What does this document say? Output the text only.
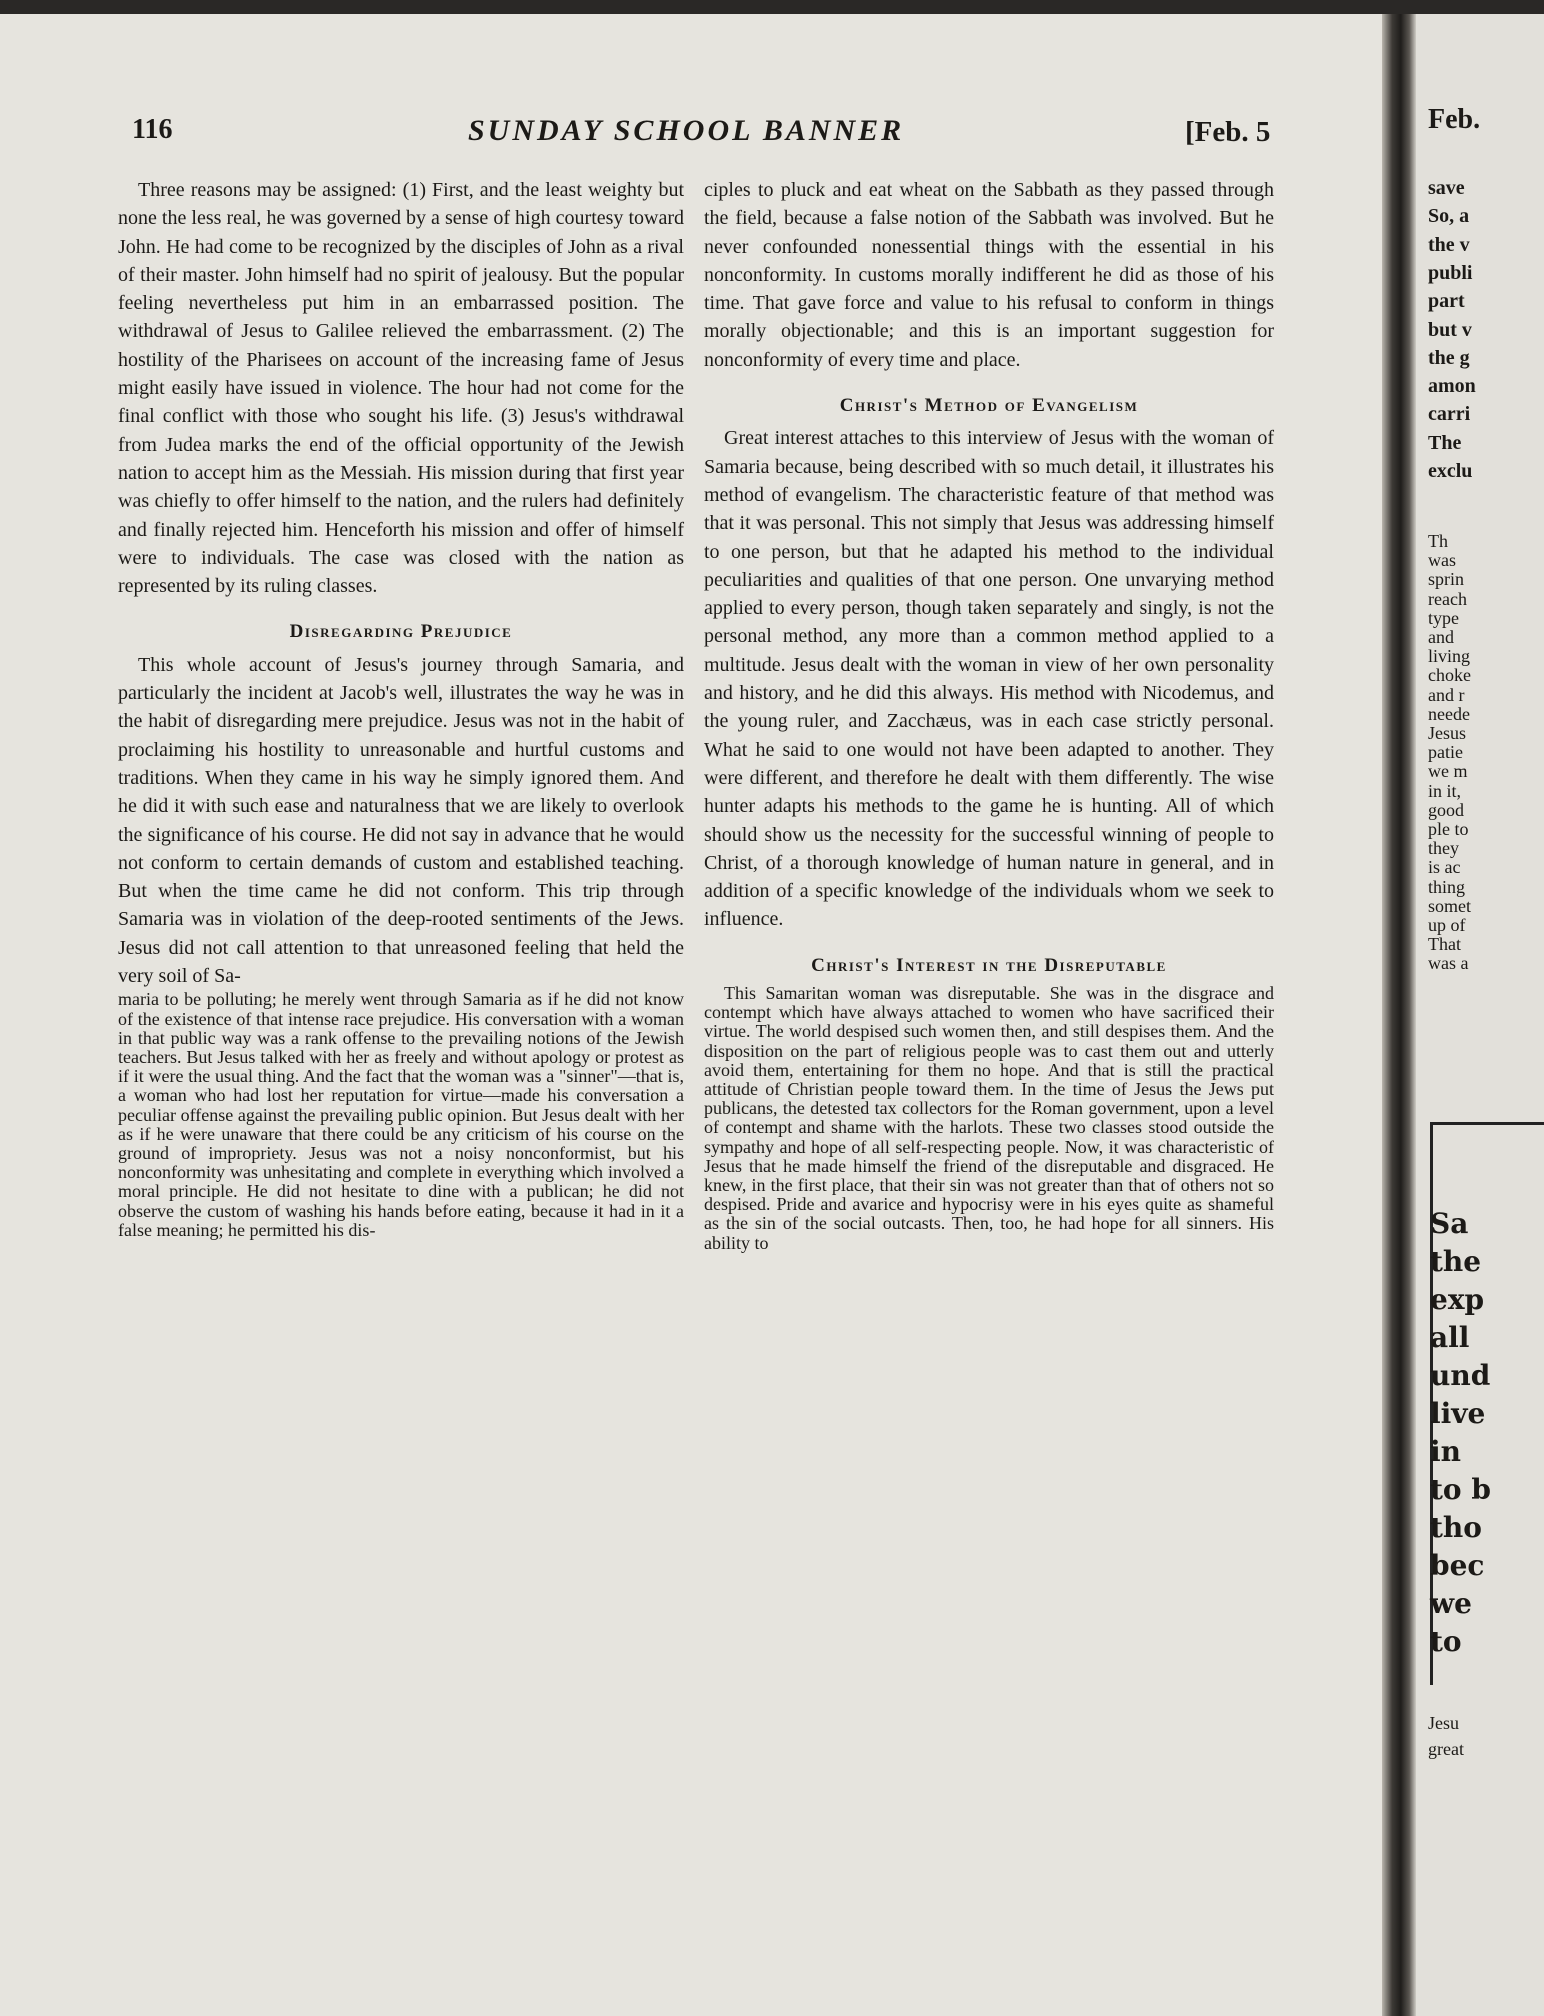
116	SUNDAY SCHOOL BANNER	[Feb. 5

Three reasons may be assigned: (1) First, and the least weighty but none the less real, he was governed by a sense of high courtesy toward John. He had come to be recognized by the disciples of John as a rival of their master. John himself had no spirit of jealousy. But the popular feeling nevertheless put him in an embarrassed position. The withdrawal of Jesus to Galilee relieved the embarrassment. (2) The hostility of the Pharisees on account of the increasing fame of Jesus might easily have issued in violence. The hour had not come for the final conflict with those who sought his life. (3) Jesus's withdrawal from Judea marks the end of the official opportunity of the Jewish nation to accept him as the Messiah. His mission during that first year was chiefly to offer himself to the nation, and the rulers had definitely and finally rejected him. Henceforth his mission and offer of himself were to individuals. The case was closed with the nation as represented by its ruling classes.

Disregarding Prejudice

This whole account of Jesus's journey through Samaria, and particularly the incident at Jacob's well, illustrates the way he was in the habit of disregarding mere prejudice. Jesus was not in the habit of proclaiming his hostility to unreasonable and hurtful customs and traditions. When they came in his way he simply ignored them. And he did it with such ease and naturalness that we are likely to overlook the significance of his course. He did not say in advance that he would not conform to certain demands of custom and established teaching. But when the time came he did not conform. This trip through Samaria was in violation of the deep-rooted sentiments of the Jews. Jesus did not call attention to that unreasoned feeling that held the very soil of Sa-

maria to be polluting; he merely went through Samaria as if he did not know of the existence of that intense race prejudice. His conversation with a woman in that public way was a rank offense to the prevailing notions of the Jewish teachers. But Jesus talked with her as freely and without apology or protest as if it were the usual thing. And the fact that the woman was a "sinner"—that is, a woman who had lost her reputation for virtue—made his conversation a peculiar offense against the prevailing public opinion. But Jesus dealt with her as if he were unaware that there could be any criticism of his course on the ground of impropriety. Jesus was not a noisy nonconformist, but his nonconformity was unhesitating and complete in everything which involved a moral principle. He did not hesitate to dine with a publican; he did not observe the custom of washing his hands before eating, because it had in it a false meaning; he permitted his dis-

ciples to pluck and eat wheat on the Sabbath as they passed through the field, because a false notion of the Sabbath was involved. But he never confounded nonessential things with the essential in his nonconformity. In customs morally indifferent he did as those of his time. That gave force and value to his refusal to conform in things morally objectionable; and this is an important suggestion for nonconformity of every time and place.

Christ's Method of Evangelism

Great interest attaches to this interview of Jesus with the woman of Samaria because, being described with so much detail, it illustrates his method of evangelism. The characteristic feature of that method was that it was personal. This not simply that Jesus was addressing himself to one person, but that he adapted his method to the individual peculiarities and qualities of that one person. One unvarying method applied to every person, though taken separately and singly, is not the personal method, any more than a common method applied to a multitude. Jesus dealt with the woman in view of her own personality and history, and he did this always. His method with Nicodemus, and the young ruler, and Zacchæus, was in each case strictly personal. What he said to one would not have been adapted to another. They were different, and therefore he dealt with them differently. The wise hunter adapts his methods to the game he is hunting. All of which should show us the necessity for the successful winning of people to Christ, of a thorough knowledge of human nature in general, and in addition of a specific knowledge of the individuals whom we seek to influence.

Christ's Interest in the Disreputable

This Samaritan woman was disreputable. She was in the disgrace and contempt which have always attached to women who have sacrificed their virtue. The world despised such women then, and still despises them. And the disposition on the part of religious people was to cast them out and utterly avoid them, entertaining for them no hope. And that is still the practical attitude of Christian people toward them. In the time of Jesus the Jews put publicans, the detested tax collectors for the Roman government, upon a level of contempt and shame with the harlots. These two classes stood outside the sympathy and hope of all self-respecting people. Now, it was characteristic of Jesus that he made himself the friend of the disreputable and disgraced. He knew, in the first place, that their sin was not greater than that of others not so despised. Pride and avarice and hypocrisy were in his eyes quite as shameful as the sin of the social outcasts. Then, too, he had hope for all sinners. His ability to

Feb.
save
So, a
the v
publi
part
but v
the g
amon
carri
The
exclu
Th
was
sprin
reach
type
and
living
choke
and r
neede
Jesus
patie
we m
in it,
good
ple to
they
is ac
thing
somet
up of
That
was a
Sa
the
exp
all
und
live
in
to b
tho
bec
we
to
Jesu
great
